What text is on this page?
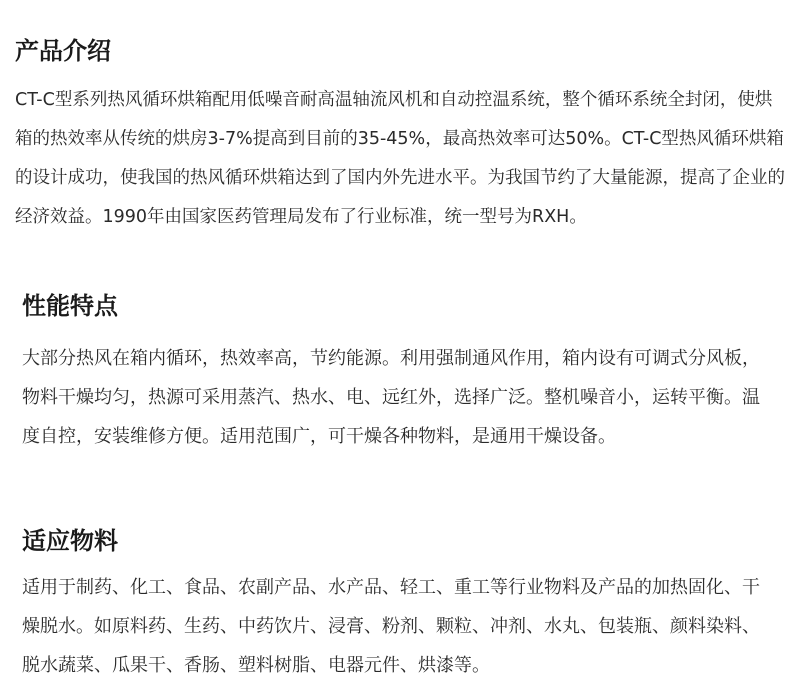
产品介绍

CT-C型系列热风循环烘箱配用低噪音耐高温轴流风机和自动控温系统，整个循环系统全封闭，使烘箱的热效率从传统的烘房3-7%提高到目前的35-45%，最高热效率可达50%。CT-C型热风循环烘箱的设计成功，使我国的热风循环烘箱达到了国内外先进水平。为我国节约了大量能源，提高了企业的经济效益。1990年由国家医药管理局发布了行业标准，统一型号为RXH。

性能特点

大部分热风在箱内循环，热效率高，节约能源。利用强制通风作用，箱内设有可调式分风板，物料干燥均匀，热源可采用蒸汽、热水、电、远红外，选择广泛。整机噪音小，运转平衡。温度自控，安装维修方便。适用范围广，可干燥各种物料，是通用干燥设备。

适应物料

适用于制药、化工、食品、农副产品、水产品、轻工、重工等行业物料及产品的加热固化、干燥脱水。如原料药、生药、中药饮片、浸膏、粉剂、颗粒、冲剂、水丸、包装瓶、颜料染料、脱水蔬菜、瓜果干、香肠、塑料树脂、电器元件、烘漆等。
